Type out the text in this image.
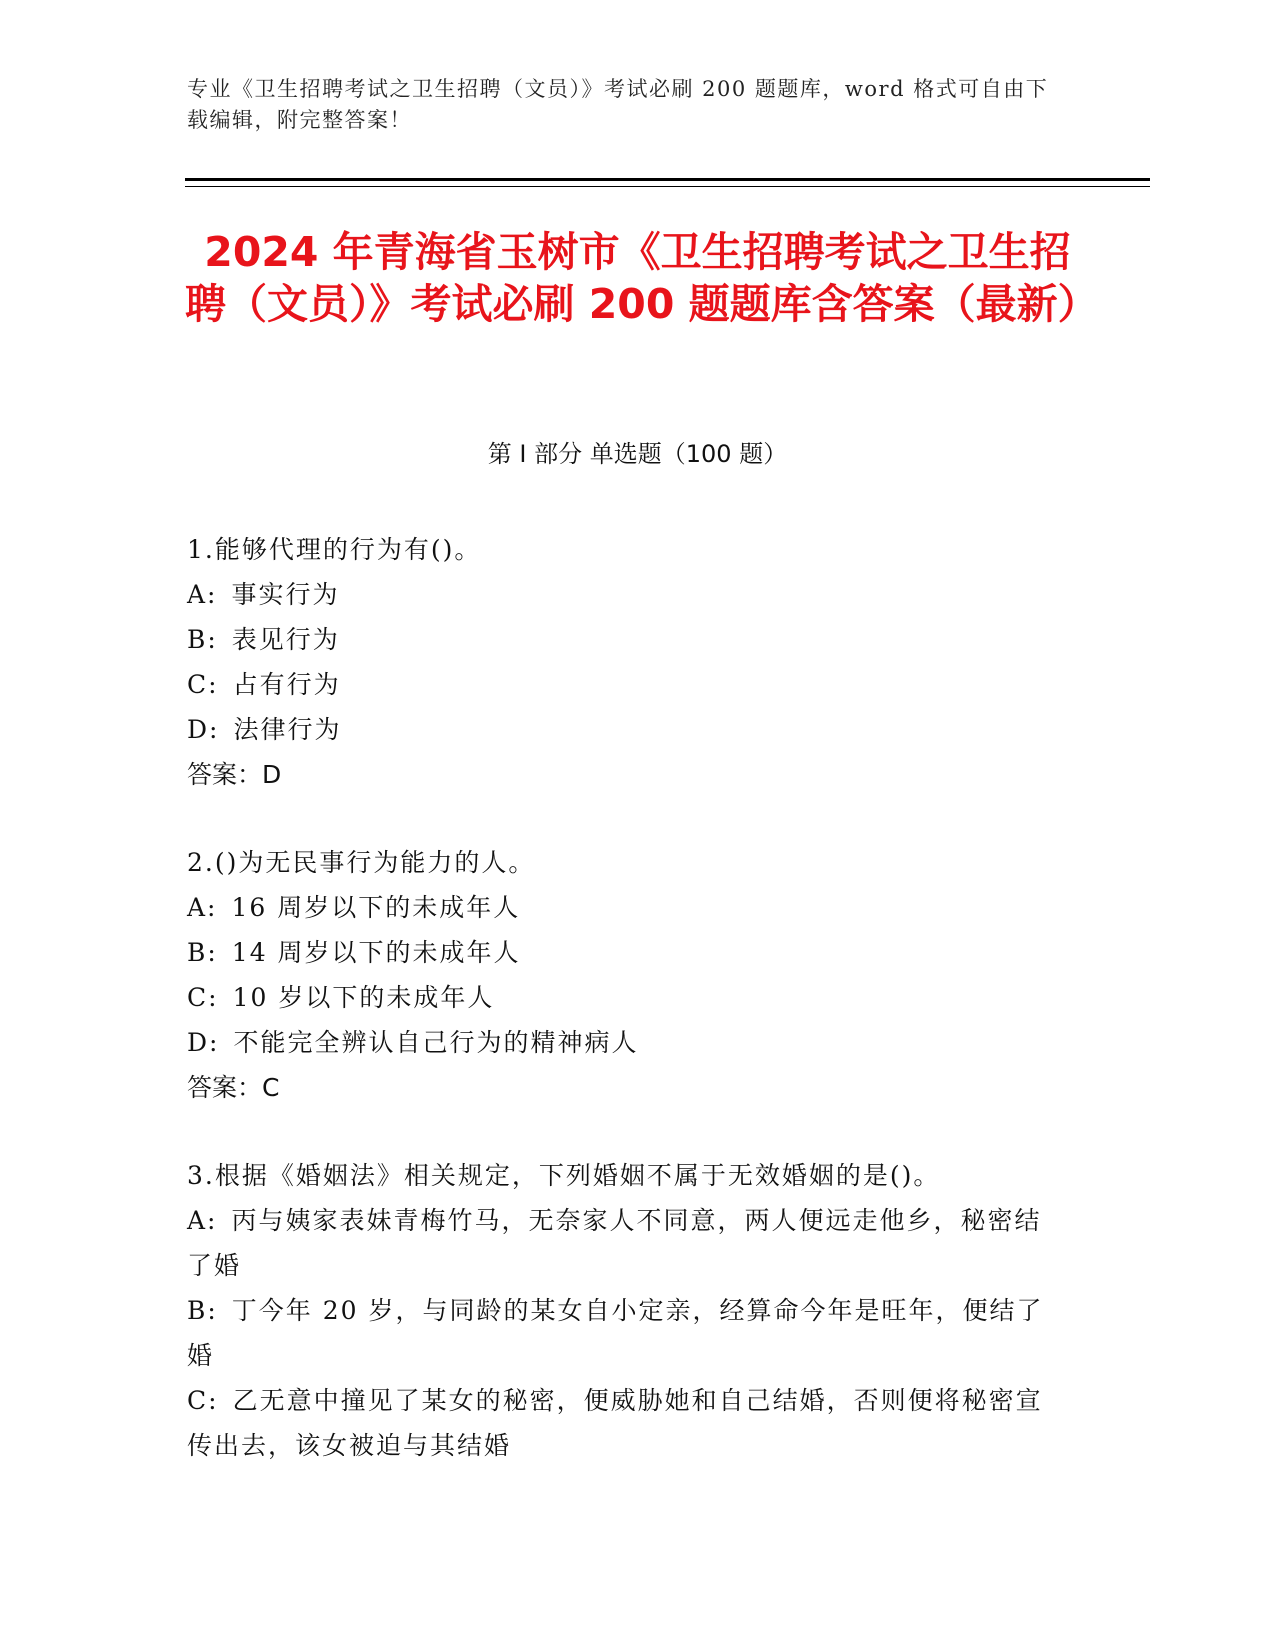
专业《卫生招聘考试之卫生招聘（文员）》考试必刷 200 题题库，word 格式可自由下载编辑，附完整答案！
2024 年青海省玉树市《卫生招聘考试之卫生招聘（文员）》考试必刷 200 题题库含答案（最新）
第 I 部分 单选题（100 题）
1.能够代理的行为有()。
A: 事实行为
B: 表见行为
C: 占有行为
D: 法律行为
答案：D
2.()为无民事行为能力的人。
A: 16 周岁以下的未成年人
B: 14 周岁以下的未成年人
C: 10 岁以下的未成年人
D: 不能完全辨认自己行为的精神病人
答案：C
3.根据《婚姻法》相关规定，下列婚姻不属于无效婚姻的是()。
A: 丙与姨家表妹青梅竹马，无奈家人不同意，两人便远走他乡，秘密结了婚
B: 丁今年 20 岁，与同龄的某女自小定亲，经算命今年是旺年，便结了婚
C: 乙无意中撞见了某女的秘密，便威胁她和自己结婚，否则便将秘密宣传出去，该女被迫与其结婚
